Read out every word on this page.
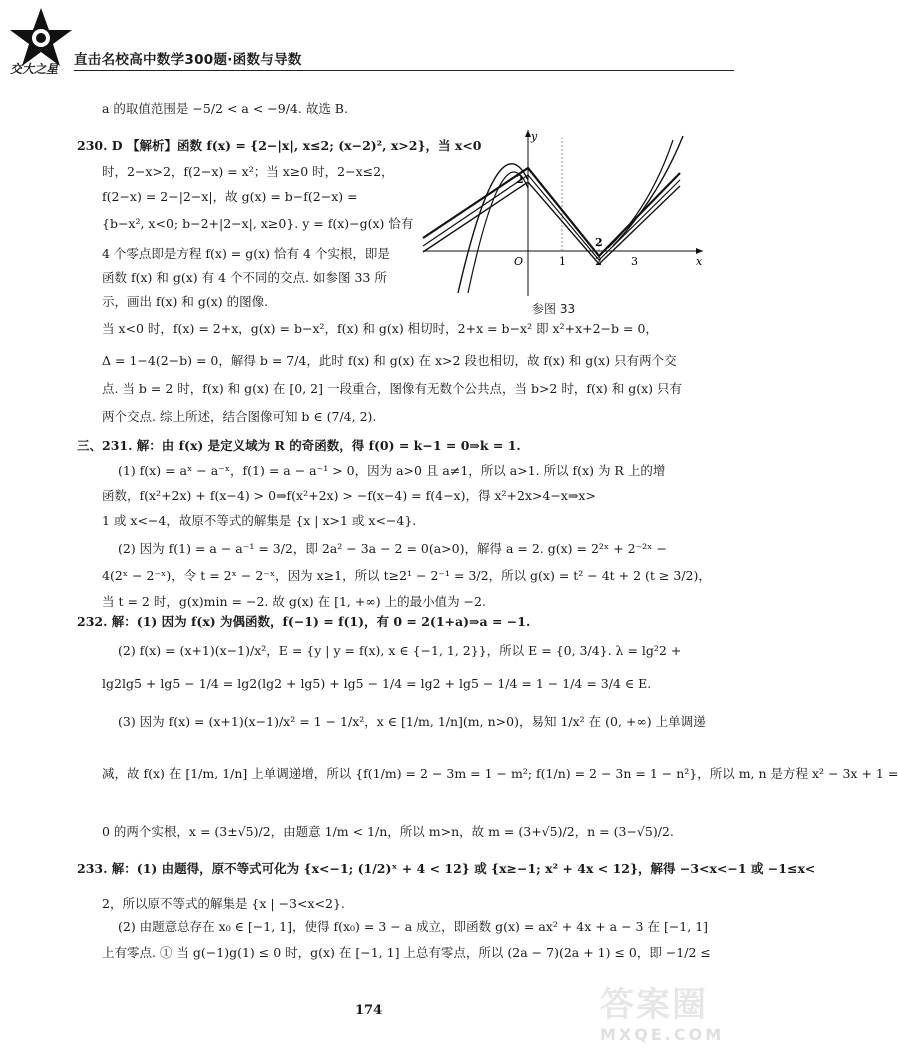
交大之星
直击名校高中数学300题·函数与导数
a 的取值范围是 −5/2 < a < −9/4. 故选 B.
230. D 【解析】函数 f(x) = {2−|x|, x≤2; (x−2)², x>2}，当 x<0
时，2−x>2，f(2−x) = x²；当 x≥0 时，2−x≤2，
f(2−x) = 2−|2−x|，故 g(x) = b−f(2−x) =
{b−x², x<0; b−2+|2−x|, x≥0}. y = f(x)−g(x) 恰有
4 个零点即是方程 f(x) = g(x) 恰有 4 个实根，即是
函数 f(x) 和 g(x) 有 4 个不同的交点. 如参图 33 所
示，画出 f(x) 和 g(x) 的图像.
当 x<0 时，f(x) = 2+x，g(x) = b−x²，f(x) 和 g(x) 相切时，2+x = b−x² 即 x²+x+2−b = 0，
Δ = 1−4(2−b) = 0，解得 b = 7/4，此时 f(x) 和 g(x) 在 x>2 段也相切，故 f(x) 和 g(x) 只有两个交
点. 当 b = 2 时，f(x) 和 g(x) 在 [0, 2] 一段重合，图像有无数个公共点，当 b>2 时，f(x) 和 g(x) 只有
两个交点. 综上所述，结合图像可知 b ∈ (7/4, 2).
三、231. 解：由 f(x) 是定义域为 R 的奇函数，得 f(0) = k−1 = 0⇒k = 1.
(1) f(x) = aˣ − a⁻ˣ，f(1) = a − a⁻¹ > 0，因为 a>0 且 a≠1，所以 a>1. 所以 f(x) 为 R 上的增
函数，f(x²+2x) + f(x−4) > 0⇒f(x²+2x) > −f(x−4) = f(4−x)，得 x²+2x>4−x⇒x>
1 或 x<−4，故原不等式的解集是 {x | x>1 或 x<−4}.
(2) 因为 f(1) = a − a⁻¹ = 3/2，即 2a² − 3a − 2 = 0(a>0)，解得 a = 2. g(x) = 2²ˣ + 2⁻²ˣ −
4(2ˣ − 2⁻ˣ)，令 t = 2ˣ − 2⁻ˣ，因为 x≥1，所以 t≥2¹ − 2⁻¹ = 3/2，所以 g(x) = t² − 4t + 2 (t ≥ 3/2)，
当 t = 2 时，g(x)min = −2. 故 g(x) 在 [1, +∞) 上的最小值为 −2.
232. 解：(1) 因为 f(x) 为偶函数，f(−1) = f(1)，有 0 = 2(1+a)⇒a = −1.
(2) f(x) = (x+1)(x−1)/x²，E = {y | y = f(x), x ∈ {−1, 1, 2}}，所以 E = {0, 3/4}. λ = lg²2 +
lg2lg5 + lg5 − 1/4 = lg2(lg2 + lg5) + lg5 − 1/4 = lg2 + lg5 − 1/4 = 1 − 1/4 = 3/4 ∈ E.
(3) 因为 f(x) = (x+1)(x−1)/x² = 1 − 1/x²，x ∈ [1/m, 1/n](m, n>0)，易知 1/x² 在 (0, +∞) 上单调递
减，故 f(x) 在 [1/m, 1/n] 上单调递增，所以 {f(1/m) = 2 − 3m = 1 − m²; f(1/n) = 2 − 3n = 1 − n²}，所以 m, n 是方程 x² − 3x + 1 =
0 的两个实根，x = (3±√5)/2，由题意 1/m < 1/n，所以 m>n，故 m = (3+√5)/2，n = (3−√5)/2.
233. 解：(1) 由题得，原不等式可化为 {x<−1; (1/2)ˣ + 4 < 12} 或 {x≥−1; x² + 4x < 12}，解得 −3<x<−1 或 −1≤x<
2，所以原不等式的解集是 {x | −3<x<2}.
(2) 由题意总存在 x₀ ∈ [−1, 1]，使得 f(x₀) = 3 − a 成立，即函数 g(x) = ax² + 4x + a − 3 在 [−1, 1]
上有零点. ① 当 g(−1)g(1) ≤ 0 时，g(x) 在 [−1, 1] 上总有零点，所以 (2a − 7)(2a + 1) ≤ 0，即 −1/2 ≤
y
x
O	1	2	3
2
2
参图 33
174	答案圈
MXQE.COM
